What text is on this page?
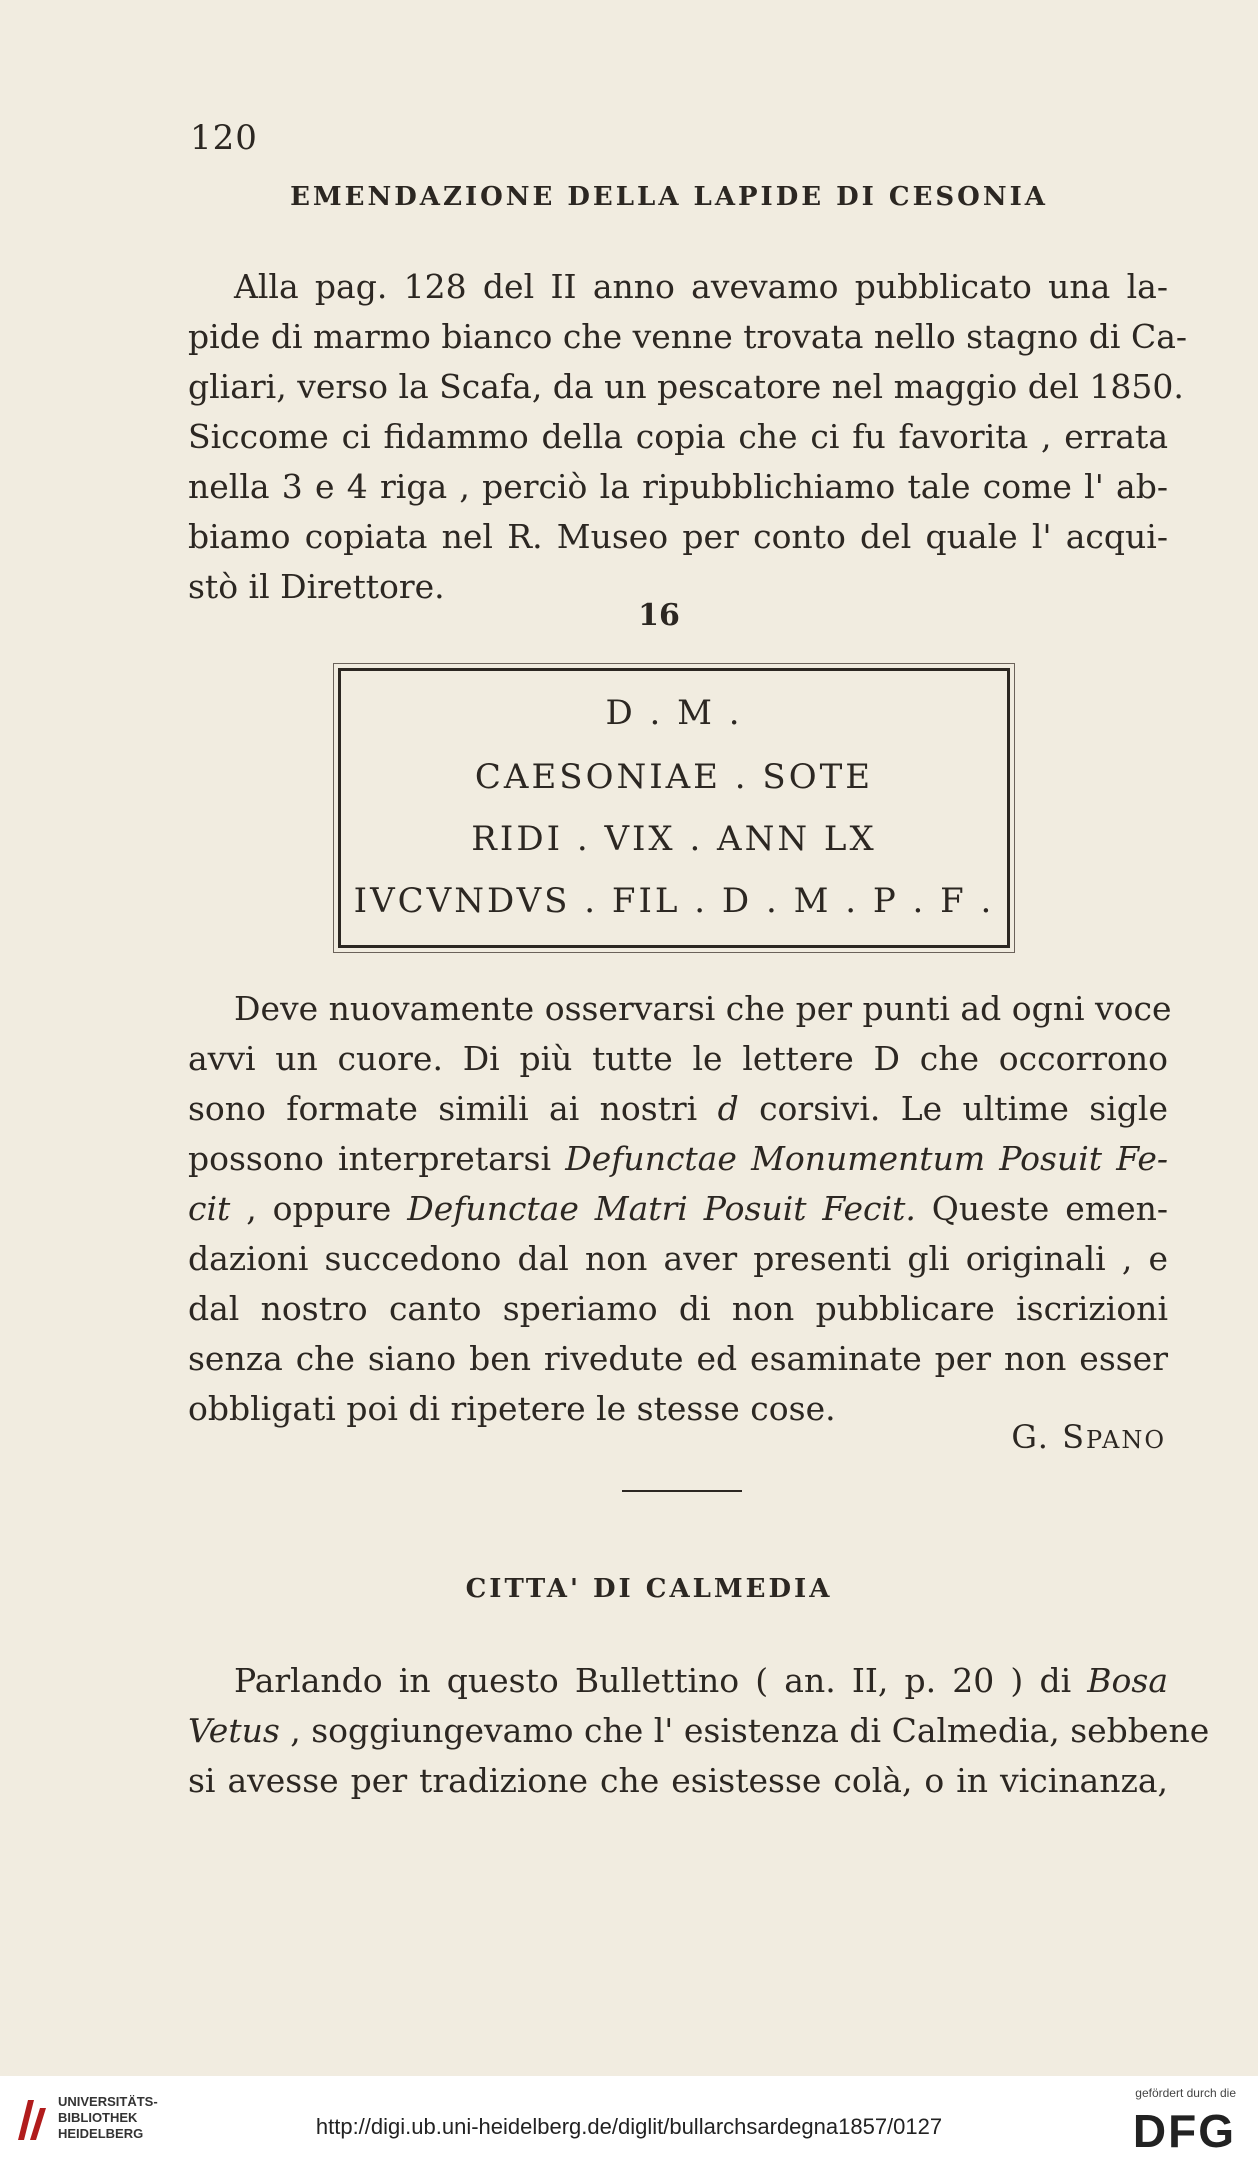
120
EMENDAZIONE DELLA LAPIDE DI CESONIA
Alla pag. 128 del II anno avevamo pubblicato una la-
pide di marmo bianco che venne trovata nello stagno di Ca-
gliari, verso la Scafa, da un pescatore nel maggio del 1850.
Siccome ci fidammo della copia che ci fu favorita , errata
nella 3 e 4 riga , perciò la ripubblichiamo tale come l' ab-
biamo copiata nel R. Museo per conto del quale l' acqui-
stò il Direttore.
16
D . M .
CAESONIAE . SOTE
RIDI . VIX . ANN LX
IVCVNDVS . FIL . D . M . P . F .
Deve nuovamente osservarsi che per punti ad ogni voce
avvi un cuore. Di più tutte le lettere D che occorrono
sono formate simili ai nostri d corsivi. Le ultime sigle
possono interpretarsi Defunctae Monumentum Posuit Fe-
cit , oppure Defunctae Matri Posuit Fecit. Queste emen-
dazioni succedono dal non aver presenti gli originali , e
dal nostro canto speriamo di non pubblicare iscrizioni
senza che siano ben rivedute ed esaminate per non esser
obbligati poi di ripetere le stesse cose.
G. SPANO
CITTA' DI CALMEDIA
Parlando in questo Bullettino ( an. II, p. 20 ) di Bosa
Vetus , soggiungevamo che l' esistenza di Calmedia, sebbene
si avesse per tradizione che esistesse colà, o in vicinanza,
UNIVERSITÄTS-
BIBLIOTHEK
HEIDELBERG	http://digi.ub.uni-heidelberg.de/diglit/bullarchsardegna1857/0127
gefördert durch die
DFG
